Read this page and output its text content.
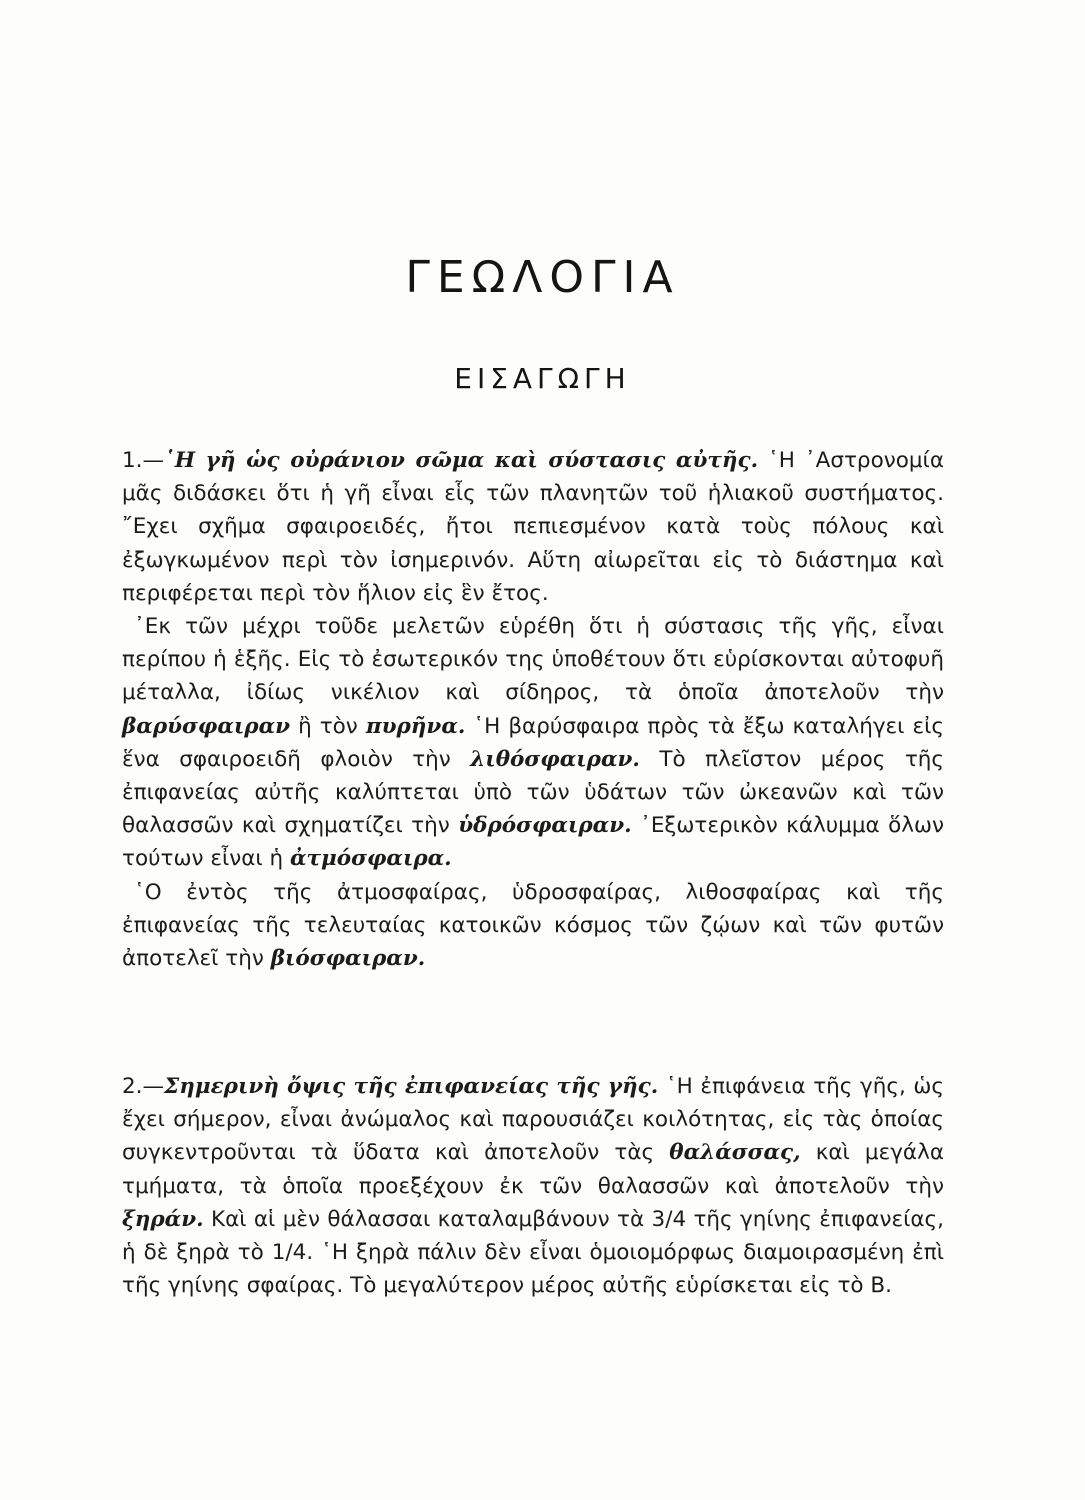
ΓΕΩΛΟΓΙΑ
ΕΙΣΑΓΩΓΗ

1.—῾Η γῆ ὡς οὐράνιον σῶμα καὶ σύστασις αὐτῆς. ῾Η ᾿Αστρονομία μᾶς διδάσκει ὅτι ἡ γῆ εἶναι εἷς τῶν πλανητῶν τοῦ ἡλιακοῦ συστήματος. ῎Εχει σχῆμα σφαιροειδές, ἤτοι πεπιεσμένον κατὰ τοὺς πόλους καὶ ἐξωγκωμένον περὶ τὸν ἰσημερινόν. Αὕτη αἰωρεῖται εἰς τὸ διάστημα καὶ περιφέρεται περὶ τὸν ἥλιον εἰς ἓν ἔτος.

᾿Εκ τῶν μέχρι τοῦδε μελετῶν εὑρέθη ὅτι ἡ σύστασις τῆς γῆς, εἶναι περίπου ἡ ἑξῆς. Εἰς τὸ ἐσωτερικόν της ὑποθέτουν ὅτι εὑρίσκονται αὐτοφυῆ μέταλλα, ἰδίως νικέλιον καὶ σίδηρος, τὰ ὁποῖα ἀποτελοῦν τὴν βαρύσφαιραν ἢ τὸν πυρῆνα. ῾Η βαρύσφαιρα πρὸς τὰ ἔξω καταλήγει εἰς ἕνα σφαιροειδῆ φλοιὸν τὴν λιθόσφαιραν. Τὸ πλεῖστον μέρος τῆς ἐπιφανείας αὐτῆς καλύπτεται ὑπὸ τῶν ὑδάτων τῶν ὠκεανῶν καὶ τῶν θαλασσῶν καὶ σχηματίζει τὴν ὑδρόσφαιραν. ᾿Εξωτερικὸν κάλυμμα ὅλων τούτων εἶναι ἡ ἀτμόσφαιρα.

῾Ο ἐντὸς τῆς ἀτμοσφαίρας, ὑδροσφαίρας, λιθοσφαίρας καὶ τῆς ἐπιφανείας τῆς τελευταίας κατοικῶν κόσμος τῶν ζῴων καὶ τῶν φυτῶν ἀποτελεῖ τὴν βιόσφαιραν.

2.—Σημερινὴ ὄψις τῆς ἐπιφανείας τῆς γῆς. ῾Η ἐπιφάνεια τῆς γῆς, ὡς ἔχει σήμερον, εἶναι ἀνώμαλος καὶ παρουσιάζει κοιλότητας, εἰς τὰς ὁποίας συγκεντροῦνται τὰ ὕδατα καὶ ἀποτελοῦν τὰς θαλάσσας, καὶ μεγάλα τμήματα, τὰ ὁποῖα προεξέχουν ἐκ τῶν θαλασσῶν καὶ ἀποτελοῦν τὴν ξηράν. Καὶ αἱ μὲν θάλασσαι καταλαμβάνουν τὰ 3/4 τῆς γηίνης ἐπιφανείας, ἡ δὲ ξηρὰ τὸ 1/4. ῾Η ξηρὰ πάλιν δὲν εἶναι ὁμοιομόρφως διαμοιρασμένη ἐπὶ τῆς γηίνης σφαίρας. Τὸ μεγαλύτερον μέρος αὐτῆς εὑρίσκεται εἰς τὸ Β.
